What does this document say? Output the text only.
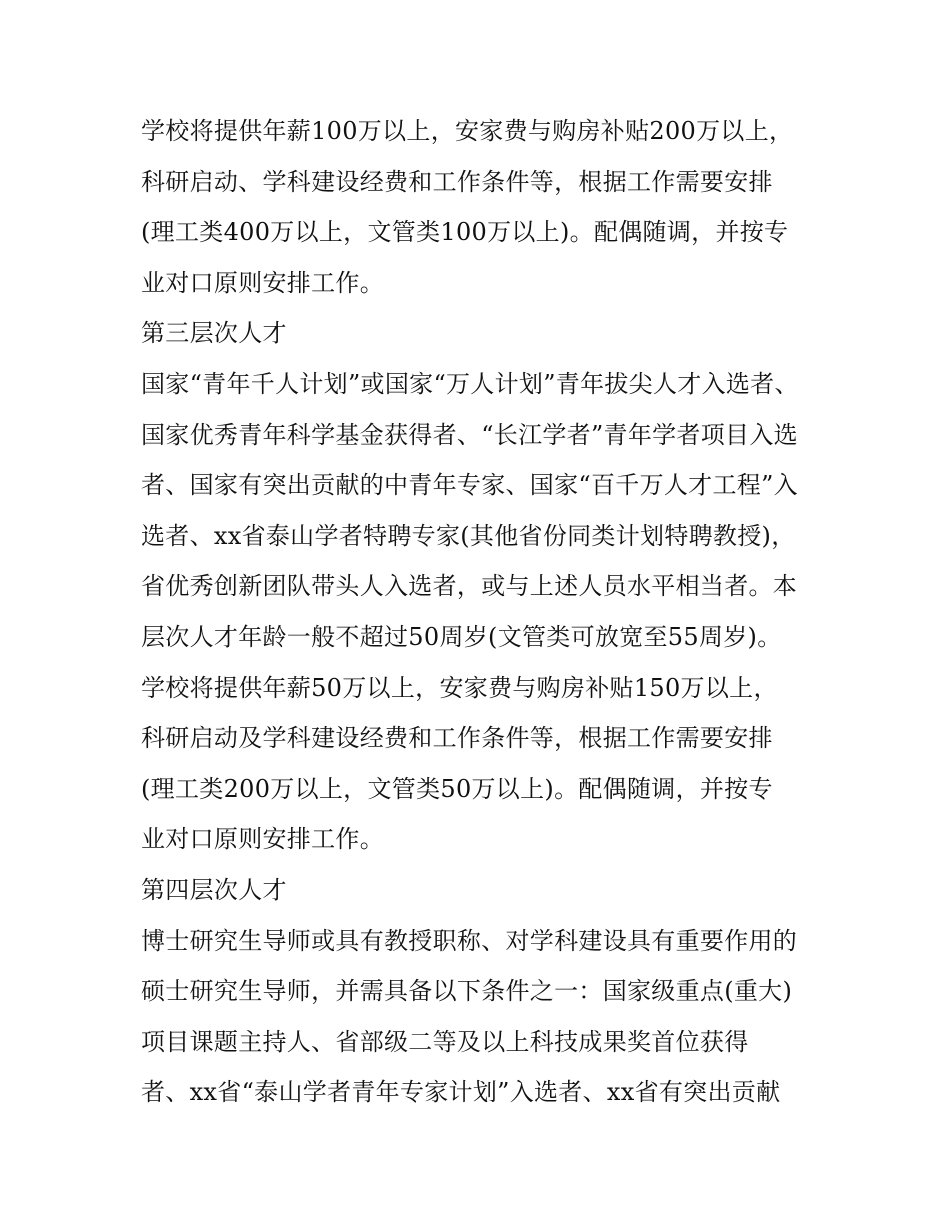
学校将提供年薪100万以上，安家费与购房补贴200万以上，
科研启动、学科建设经费和工作条件等，根据工作需要安排
(理工类400万以上，文管类100万以上)。配偶随调，并按专
业对口原则安排工作。
第三层次人才
国家“青年千人计划”或国家“万人计划”青年拔尖人才入选者、
国家优秀青年科学基金获得者、“长江学者”青年学者项目入选
者、国家有突出贡献的中青年专家、国家“百千万人才工程”入
选者、xx省泰山学者特聘专家(其他省份同类计划特聘教授)，
省优秀创新团队带头人入选者，或与上述人员水平相当者。本
层次人才年龄一般不超过50周岁(文管类可放宽至55周岁)。
学校将提供年薪50万以上，安家费与购房补贴150万以上，
科研启动及学科建设经费和工作条件等，根据工作需要安排
(理工类200万以上，文管类50万以上)。配偶随调，并按专
业对口原则安排工作。
第四层次人才
博士研究生导师或具有教授职称、对学科建设具有重要作用的
硕士研究生导师，并需具备以下条件之一：国家级重点(重大)
项目课题主持人、省部级二等及以上科技成果奖首位获得
者、xx省“泰山学者青年专家计划”入选者、xx省有突出贡献
